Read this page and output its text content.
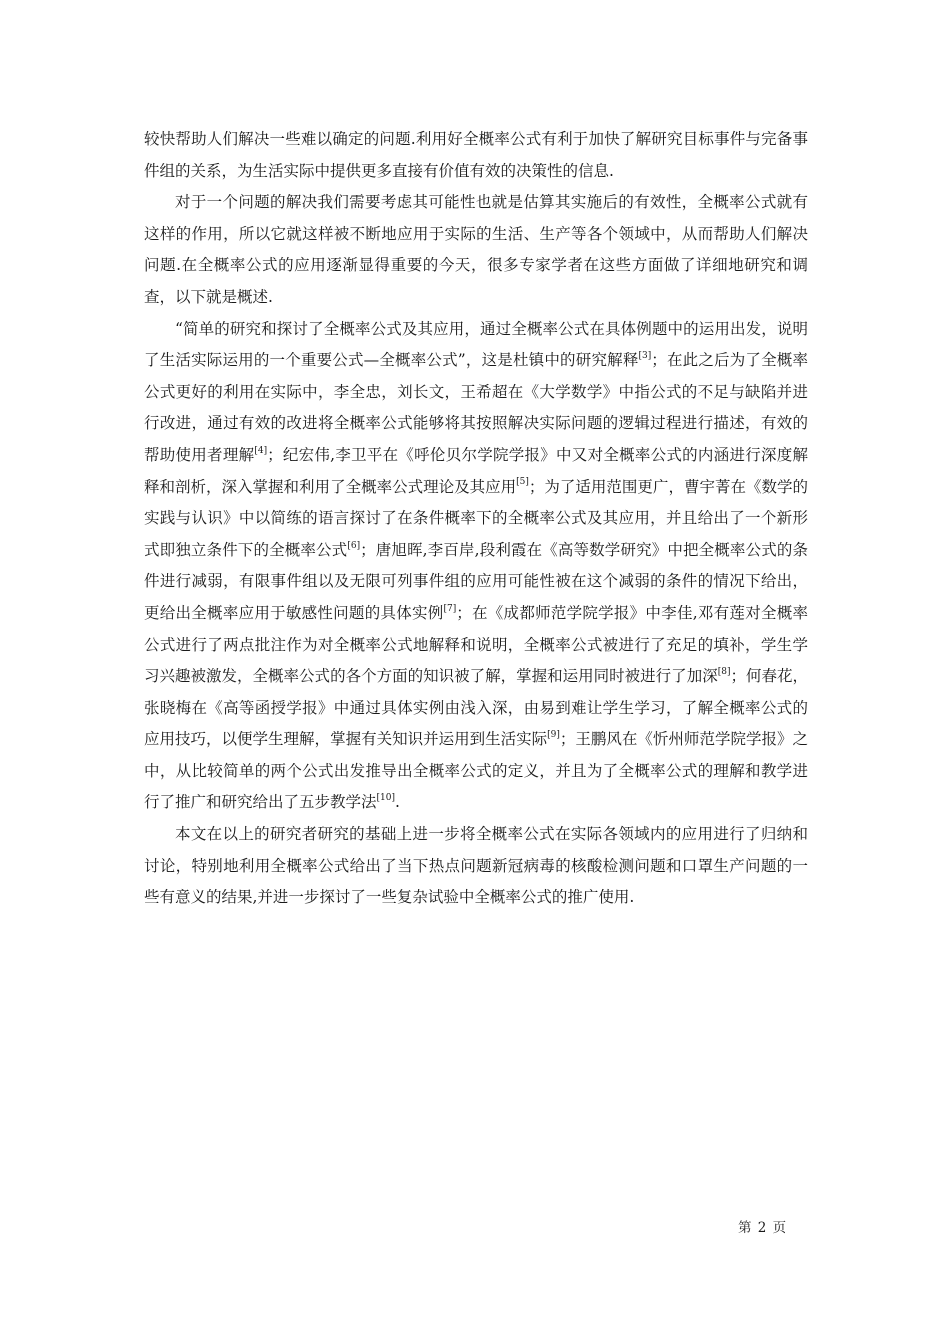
较快帮助人们解决一些难以确定的问题.利用好全概率公式有利于加快了解研究目标事件与完备事件组的关系，为生活实际中提供更多直接有价值有效的决策性的信息.

对于一个问题的解决我们需要考虑其可能性也就是估算其实施后的有效性，全概率公式就有这样的作用，所以它就这样被不断地应用于实际的生活、生产等各个领域中，从而帮助人们解决问题.在全概率公式的应用逐渐显得重要的今天，很多专家学者在这些方面做了详细地研究和调查，以下就是概述.

“简单的研究和探讨了全概率公式及其应用，通过全概率公式在具体例题中的运用出发，说明了生活实际运用的一个重要公式—全概率公式”，这是杜镇中的研究解释[3]；在此之后为了全概率公式更好的利用在实际中，李全忠，刘长文，王希超在《大学数学》中指公式的不足与缺陷并进行改进，通过有效的改进将全概率公式能够将其按照解决实际问题的逻辑过程进行描述，有效的帮助使用者理解[4]；纪宏伟,李卫平在《呼伦贝尔学院学报》中又对全概率公式的内涵进行深度解释和剖析，深入掌握和利用了全概率公式理论及其应用[5]；为了适用范围更广，曹宇菁在《数学的实践与认识》中以简练的语言探讨了在条件概率下的全概率公式及其应用，并且给出了一个新形式即独立条件下的全概率公式[6]；唐旭晖,李百岸,段利霞在《高等数学研究》中把全概率公式的条件进行减弱，有限事件组以及无限可列事件组的应用可能性被在这个减弱的条件的情况下给出，更给出全概率应用于敏感性问题的具体实例[7]；在《成都师范学院学报》中李佳,邓有莲对全概率公式进行了两点批注作为对全概率公式地解释和说明，全概率公式被进行了充足的填补，学生学习兴趣被激发，全概率公式的各个方面的知识被了解，掌握和运用同时被进行了加深[8]；何春花，张晓梅在《高等函授学报》中通过具体实例由浅入深，由易到难让学生学习，了解全概率公式的应用技巧，以便学生理解，掌握有关知识并运用到生活实际[9]；王鹏风在《忻州师范学院学报》之中，从比较简单的两个公式出发推导出全概率公式的定义，并且为了全概率公式的理解和教学进行了推广和研究给出了五步教学法[10].

本文在以上的研究者研究的基础上进一步将全概率公式在实际各领域内的应用进行了归纳和讨论，特别地利用全概率公式给出了当下热点问题新冠病毒的核酸检测问题和口罩生产问题的一些有意义的结果,并进一步探讨了一些复杂试验中全概率公式的推广使用.

第 2 页
